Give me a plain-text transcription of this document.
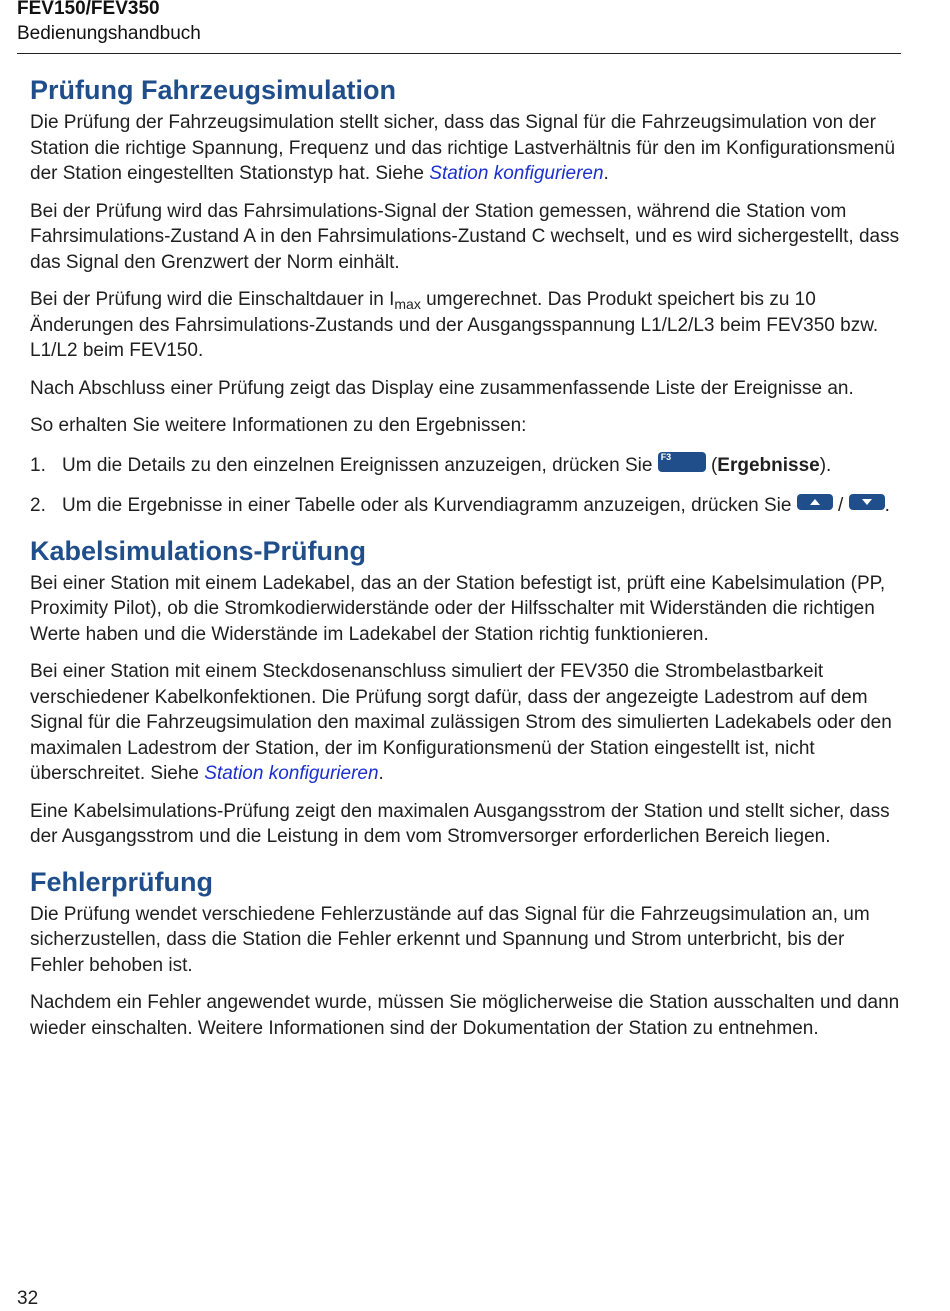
FEV150/FEV350
Bedienungshandbuch
Prüfung Fahrzeugsimulation

Die Prüfung der Fahrzeugsimulation stellt sicher, dass das Signal für die Fahrzeugsimulation von der Station die richtige Spannung, Frequenz und das richtige Lastverhältnis für den im Konfigurationsmenü der Station eingestellten Stationstyp hat. Siehe Station konfigurieren.

Bei der Prüfung wird das Fahrsimulations-Signal der Station gemessen, während die Station vom Fahrsimulations-Zustand A in den Fahrsimulations-Zustand C wechselt, und es wird sichergestellt, dass das Signal den Grenzwert der Norm einhält.

Bei der Prüfung wird die Einschaltdauer in $I_{max}$ umgerechnet. Das Produkt speichert bis zu 10 Änderungen des Fahrsimulations-Zustands und der Ausgangsspannung L1/L2/L3 beim FEV350 bzw. L1/L2 beim FEV150.

Nach Abschluss einer Prüfung zeigt das Display eine zusammenfassende Liste der Ereignisse an.

So erhalten Sie weitere Informationen zu den Ergebnissen:

1. Um die Details zu den einzelnen Ereignissen anzuzeigen, drücken Sie F3 (Ergebnisse).
2. Um die Ergebnisse in einer Tabelle oder als Kurvendiagramm anzuzeigen, drücken Sie
/
.
Kabelsimulations-Prüfung

Bei einer Station mit einem Ladekabel, das an der Station befestigt ist, prüft eine Kabelsimulation (PP, Proximity Pilot), ob die Stromkodierwiderstände oder der Hilfsschalter mit Widerständen die richtigen Werte haben und die Widerstände im Ladekabel der Station richtig funktionieren.

Bei einer Station mit einem Steckdosenanschluss simuliert der FEV350 die Strombelastbarkeit verschiedener Kabelkonfektionen. Die Prüfung sorgt dafür, dass der angezeigte Ladestrom auf dem Signal für die Fahrzeugsimulation den maximal zulässigen Strom des simulierten Ladekabels oder den maximalen Ladestrom der Station, der im Konfigurationsmenü der Station eingestellt ist, nicht überschreitet. Siehe Station konfigurieren.

Eine Kabelsimulations-Prüfung zeigt den maximalen Ausgangsstrom der Station und stellt sicher, dass der Ausgangsstrom und die Leistung in dem vom Stromversorger erforderlichen Bereich liegen.

Fehlerprüfung

Die Prüfung wendet verschiedene Fehlerzustände auf das Signal für die Fahrzeugsimulation an, um sicherzustellen, dass die Station die Fehler erkennt und Spannung und Strom unterbricht, bis der Fehler behoben ist.

Nachdem ein Fehler angewendet wurde, müssen Sie möglicherweise die Station ausschalten und dann wieder einschalten. Weitere Informationen sind der Dokumentation der Station zu entnehmen.

32
